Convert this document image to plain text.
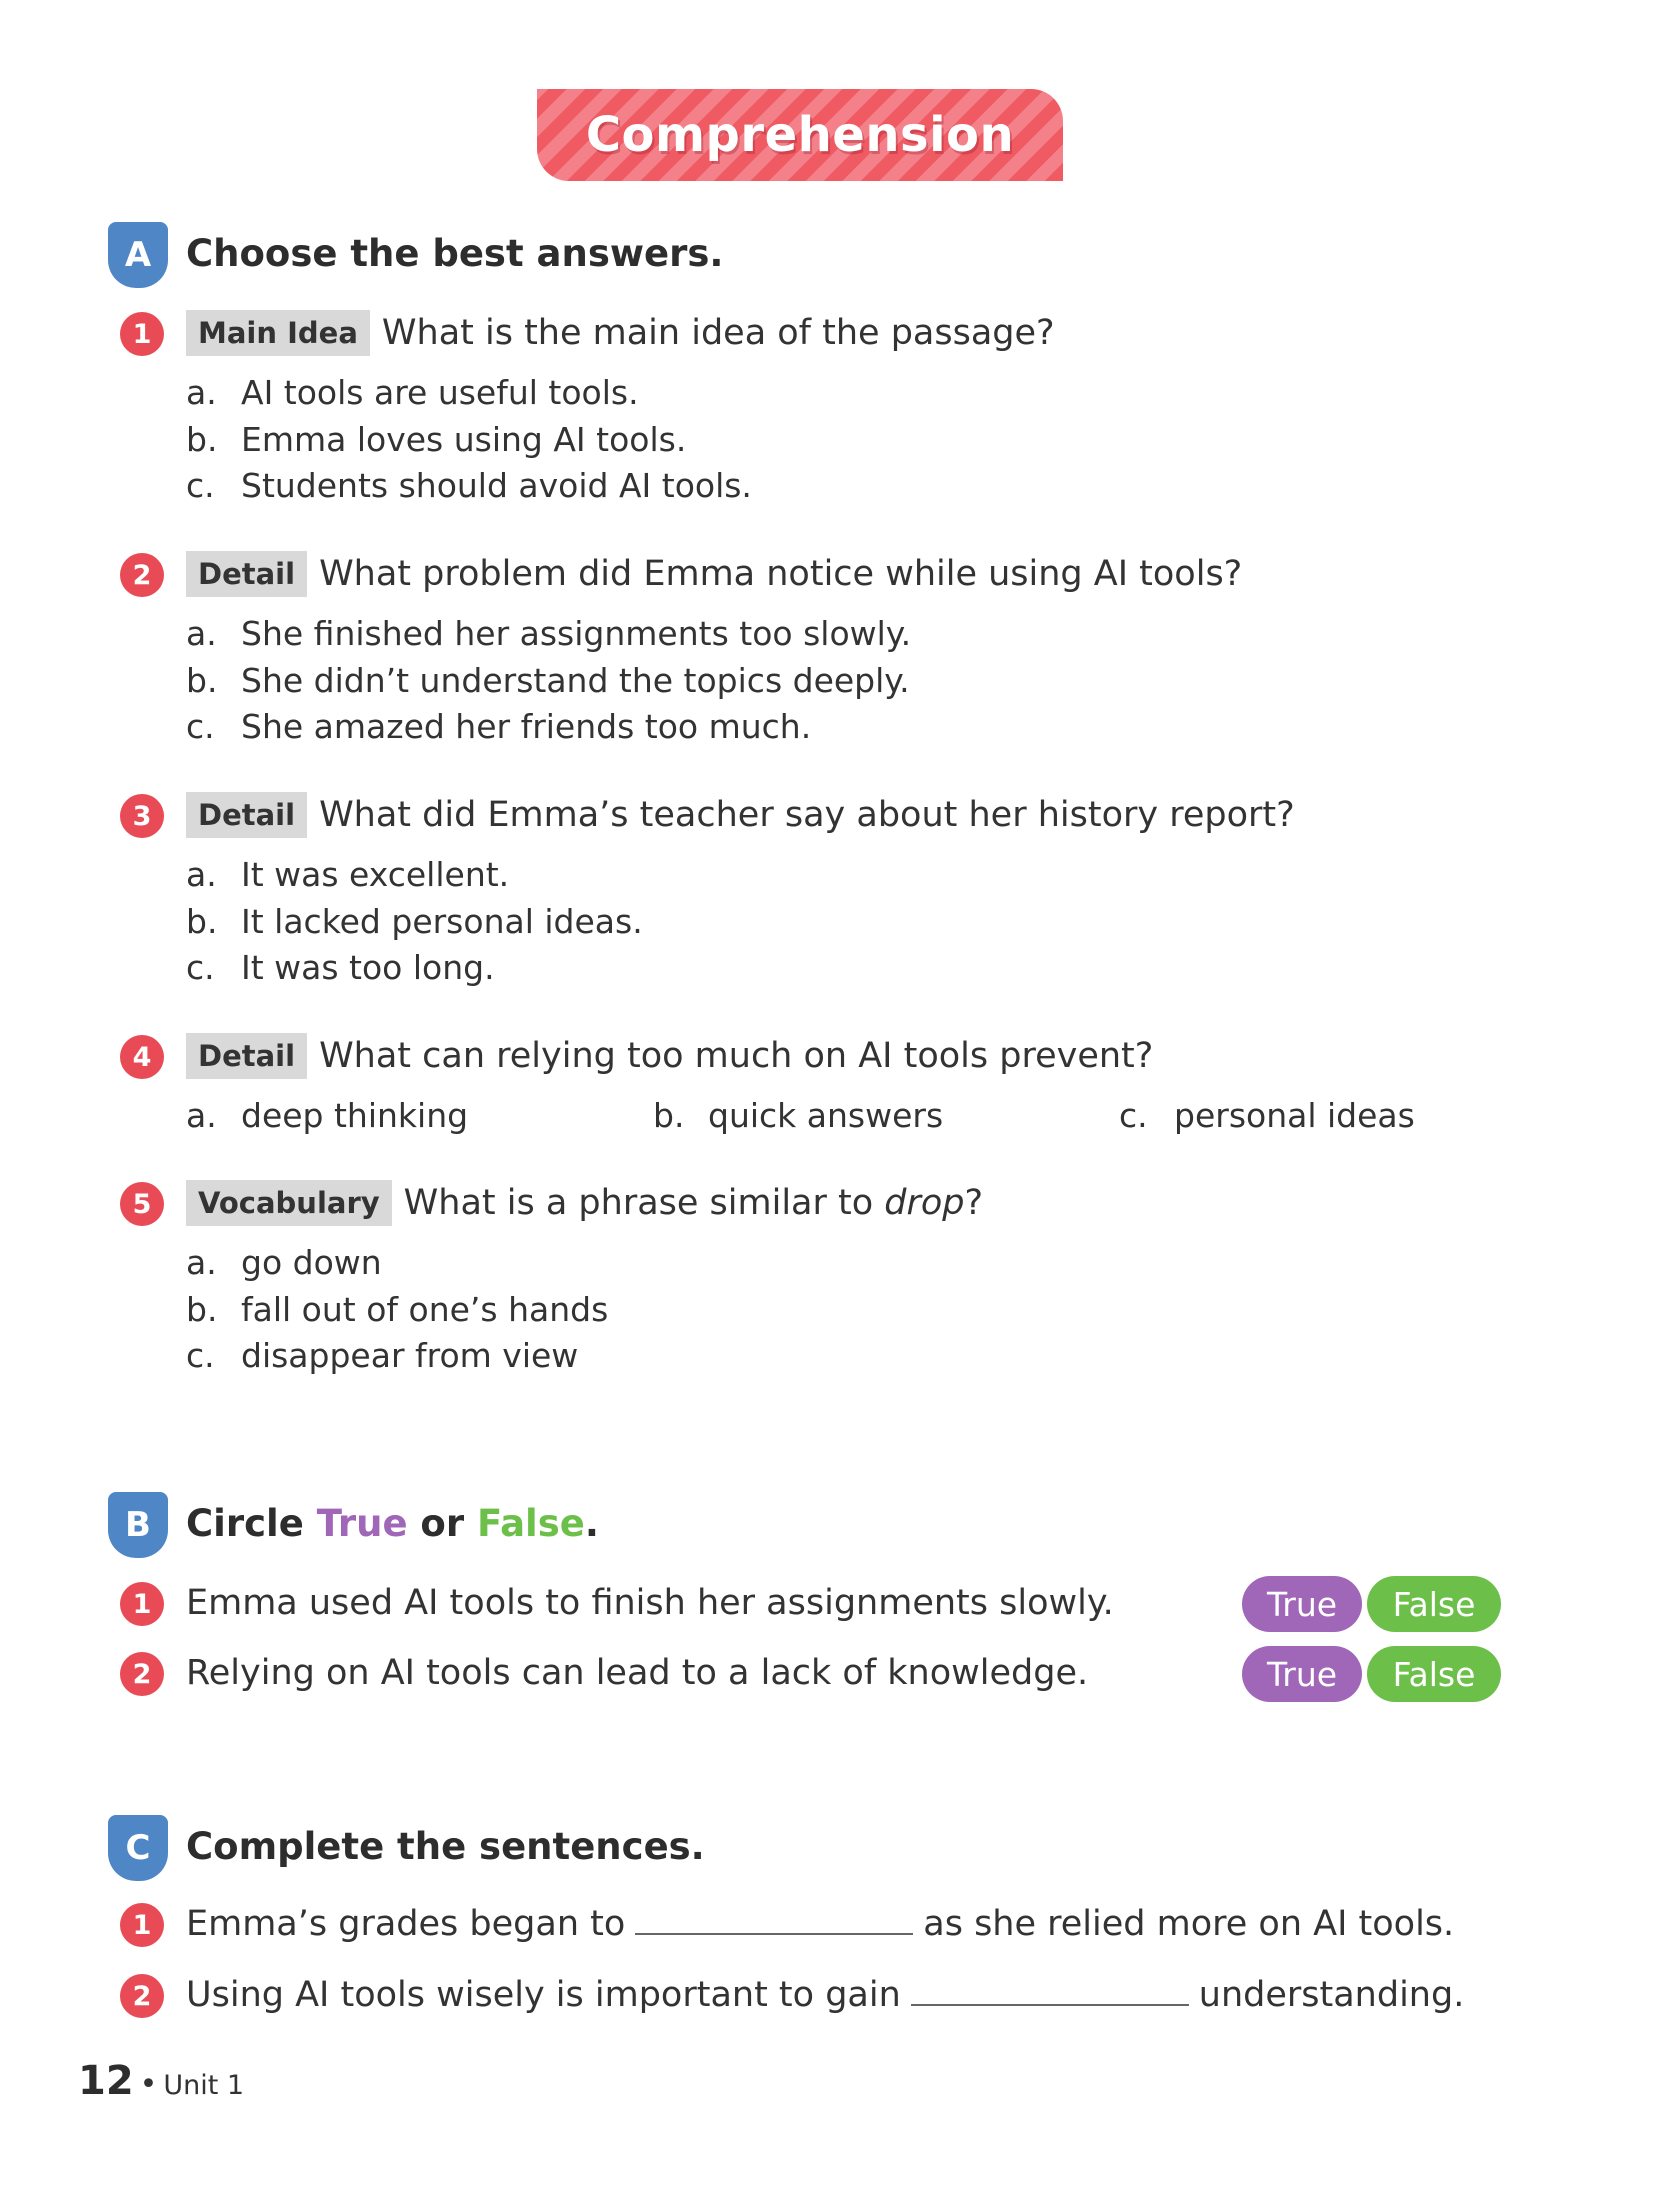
Comprehension
A Choose the best answers.
1	Main Idea What is the main idea of the passage?
a. AI tools are useful tools.
b. Emma loves using AI tools.
c. Students should avoid AI tools.
2	Detail What problem did Emma notice while using AI tools?
a. She finished her assignments too slowly.
b. She didn’t understand the topics deeply.
c. She amazed her friends too much.
3	Detail What did Emma’s teacher say about her history report?
a. It was excellent.
b. It lacked personal ideas.
c. It was too long.
4	Detail What can relying too much on AI tools prevent?
a. deep thinking	b. quick answers	c. personal ideas
5	Vocabulary What is a phrase similar to drop?
a. go down
b. fall out of one’s hands
c. disappear from view
B Circle True or False.
1 Emma used AI tools to finish her assignments slowly.	True	False
2 Relying on AI tools can lead to a lack of knowledge.	True	False
C Complete the sentences.
1 Emma’s grades began to	as she relied more on AI tools.
2 Using AI tools wisely is important to gain	understanding.
12 • Unit 1
